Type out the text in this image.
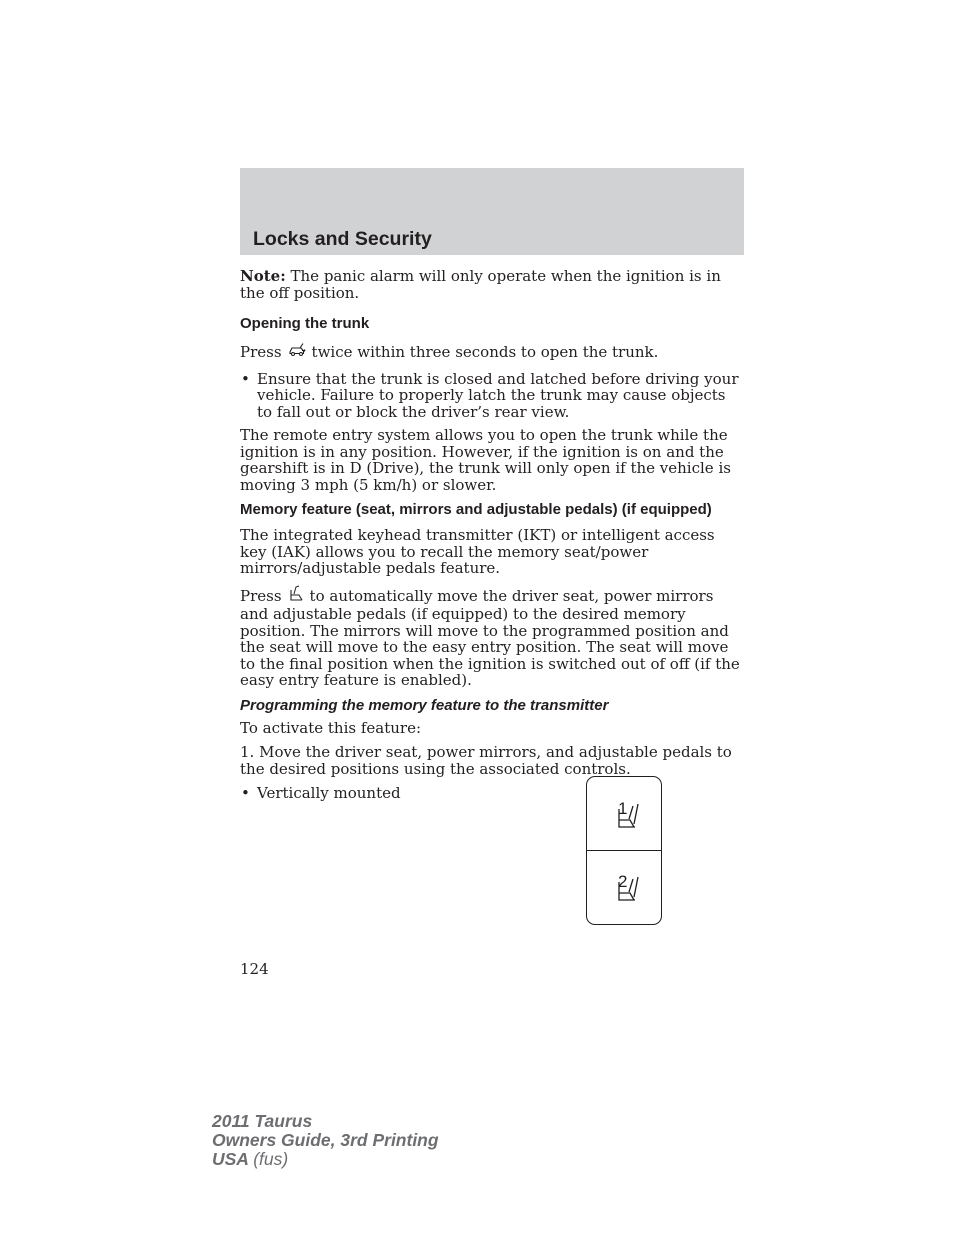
Locks and Security

Note: The panic alarm will only operate when the ignition is in the off position.

Opening the trunk

Press twice within three seconds to open the trunk.

• Ensure that the trunk is closed and latched before driving your vehicle. Failure to properly latch the trunk may cause objects to fall out or block the driver’s rear view.

The remote entry system allows you to open the trunk while the ignition is in any position. However, if the ignition is on and the gearshift is in D (Drive), the trunk will only open if the vehicle is moving 3 mph (5 km/h) or slower.

Memory feature (seat, mirrors and adjustable pedals) (if equipped)

The integrated keyhead transmitter (IKT) or intelligent access key (IAK) allows you to recall the memory seat/power mirrors/adjustable pedals feature.

Press to automatically move the driver seat, power mirrors and adjustable pedals (if equipped) to the desired memory position. The mirrors will move to the programmed position and the seat will move to the easy entry position. The seat will move to the final position when the ignition is switched out of off (if the easy entry feature is enabled).

Programming the memory feature to the transmitter

To activate this feature:

1. Move the driver seat, power mirrors, and adjustable pedals to the desired positions using the associated controls.

• Vertically mounted
1
2
124
2011 Taurus
Owners Guide, 3rd Printing
USA (fus)
